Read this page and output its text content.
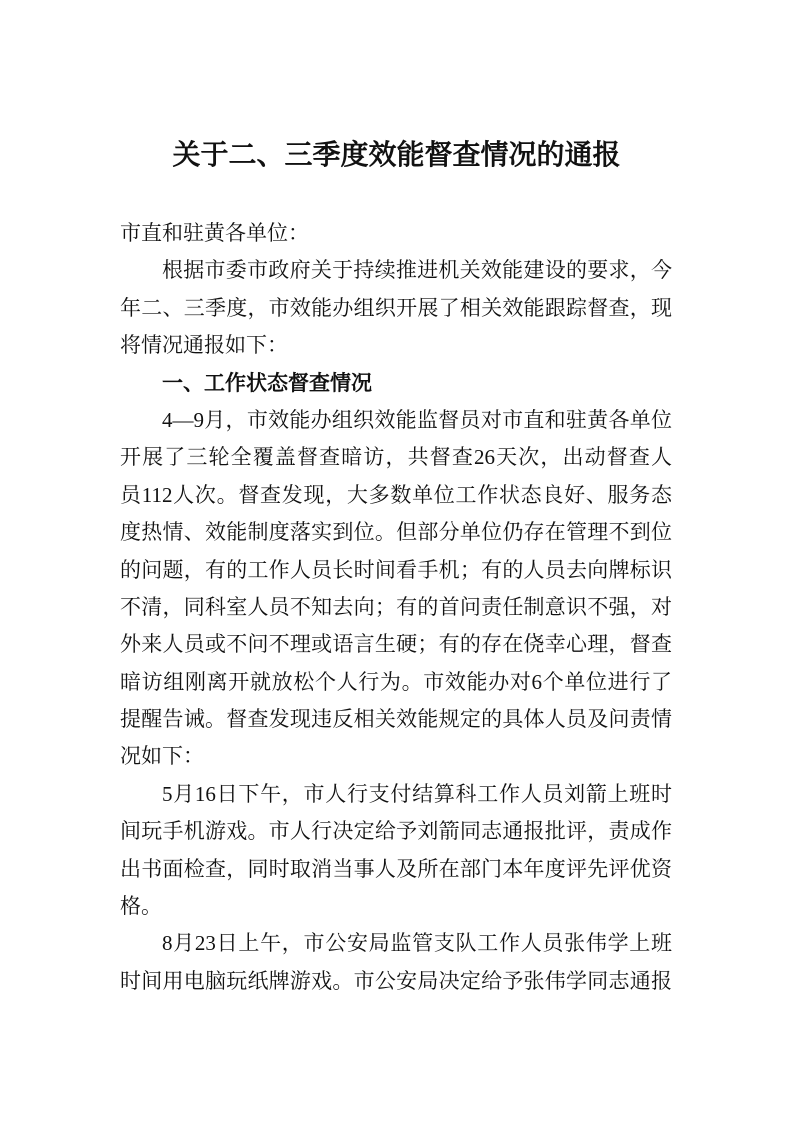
关于二、三季度效能督查情况的通报
市直和驻黄各单位：
根据市委市政府关于持续推进机关效能建设的要求，今
年二、三季度，市效能办组织开展了相关效能跟踪督查，现
将情况通报如下：
一、工作状态督查情况
4—9月，市效能办组织效能监督员对市直和驻黄各单位
开展了三轮全覆盖督查暗访，共督查26天次，出动督查人
员112人次。督查发现，大多数单位工作状态良好、服务态
度热情、效能制度落实到位。但部分单位仍存在管理不到位
的问题，有的工作人员长时间看手机；有的人员去向牌标识
不清，同科室人员不知去向；有的首问责任制意识不强，对
外来人员或不问不理或语言生硬；有的存在侥幸心理，督查
暗访组刚离开就放松个人行为。市效能办对6个单位进行了
提醒告诫。督查发现违反相关效能规定的具体人员及问责情
况如下：
5月16日下午，市人行支付结算科工作人员刘箭上班时
间玩手机游戏。市人行决定给予刘箭同志通报批评，责成作
出书面检查，同时取消当事人及所在部门本年度评先评优资
格。
8月23日上午，市公安局监管支队工作人员张伟学上班
时间用电脑玩纸牌游戏。市公安局决定给予张伟学同志通报
